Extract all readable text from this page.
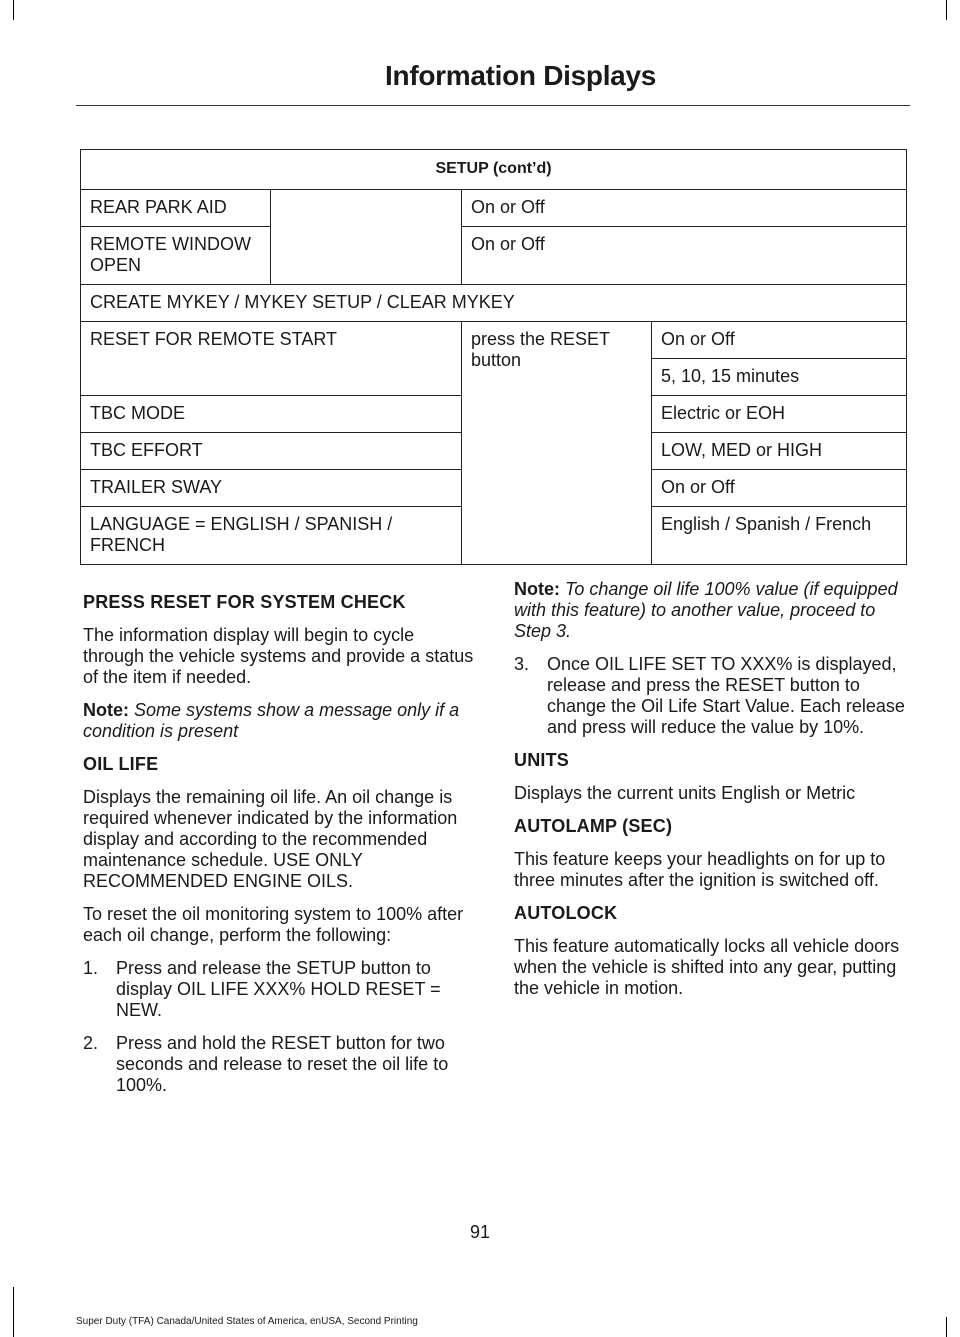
Information Displays
SETUP (cont’d)			
REAR PARK AID		On or Off	
REMOTE WINDOW OPEN		On or Off	
CREATE MYKEY / MYKEY SETUP / CLEAR MYKEY			
RESET FOR REMOTE START		press the RESET button	On or Off
			5, 10, 15 minutes
TBC MODE			Electric or EOH
TBC EFFORT			LOW, MED or HIGH
TRAILER SWAY			On or Off
LANGUAGE = ENGLISH / SPANISH / FRENCH			English / Spanish / French
PRESS RESET FOR SYSTEM CHECK

The information display will begin to cycle through the vehicle systems and provide a status of the item if needed.

Note: Some systems show a message only if a condition is present

OIL LIFE

Displays the remaining oil life. An oil change is required whenever indicated by the information display and according to the recommended maintenance schedule. USE ONLY RECOMMENDED ENGINE OILS.

To reset the oil monitoring system to 100% after each oil change, perform the following:

1. Press and release the SETUP button to display OIL LIFE XXX% HOLD RESET = NEW.
2. Press and hold the RESET button for two seconds and release to reset the oil life to 100%.

Note: To change oil life 100% value (if equipped with this feature) to another value, proceed to Step 3.

3. Once OIL LIFE SET TO XXX% is displayed, release and press the RESET button to change the Oil Life Start Value. Each release and press will reduce the value by 10%.
UNITS

Displays the current units English or Metric

AUTOLAMP (SEC)

This feature keeps your headlights on for up to three minutes after the ignition is switched off.

AUTOLOCK

This feature automatically locks all vehicle doors when the vehicle is shifted into any gear, putting the vehicle in motion.

91
Super Duty (TFA) Canada/United States of America, enUSA, Second Printing
